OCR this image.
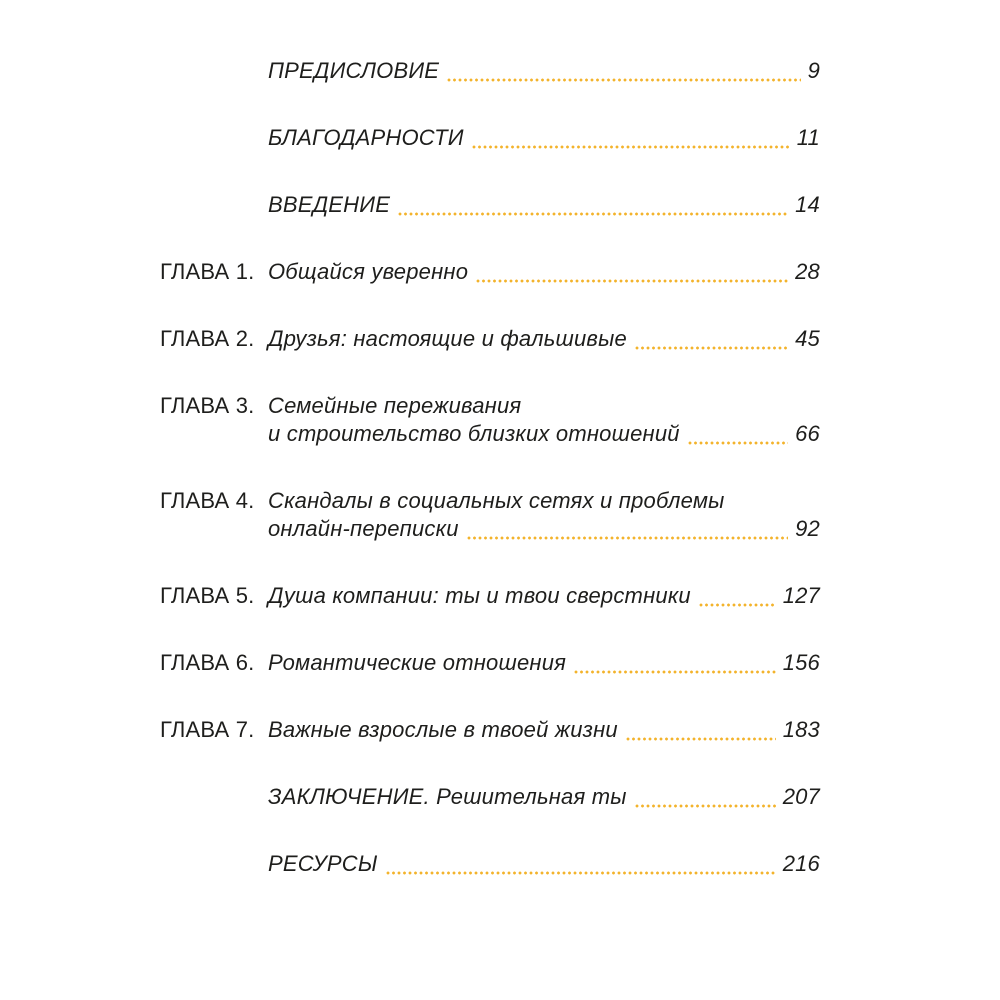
ПРЕДИСЛОВИЕ	9
БЛАГОДАРНОСТИ	11
ВВЕДЕНИЕ	14
ГЛАВА 1. Общайся уверенно	28
ГЛАВА 2. Друзья: настоящие и фальшивые	45
ГЛАВА 3. Семейные переживания
и строительство близких отношений	66
ГЛАВА 4. Скандалы в социальных сетях и проблемы
онлайн-переписки	92
ГЛАВА 5. Душа компании: ты и твои сверстники	127
ГЛАВА 6. Романтические отношения	156
ГЛАВА 7. Важные взрослые в твоей жизни	183
ЗАКЛЮЧЕНИЕ. Решительная ты	207
РЕСУРСЫ	216
